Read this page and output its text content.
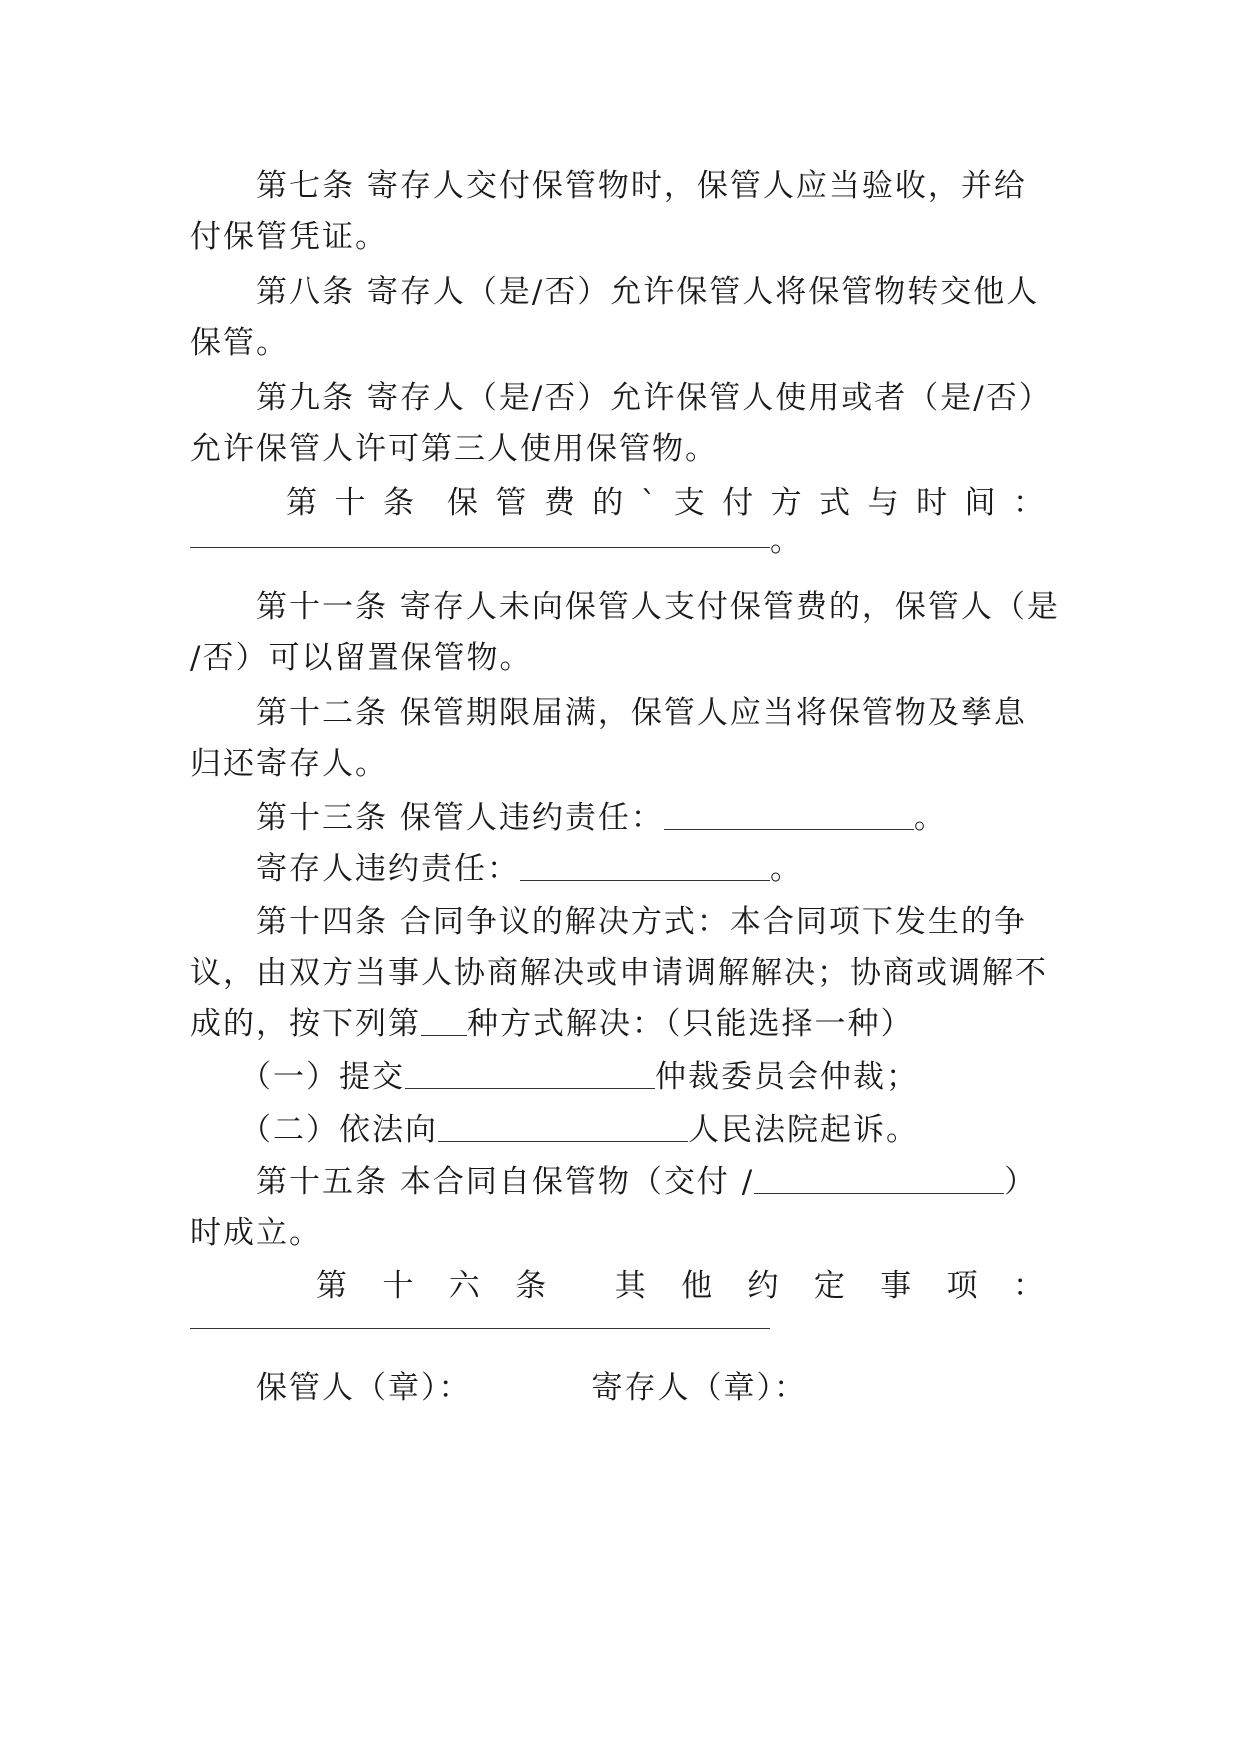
第七条 寄存人交付保管物时，保管人应当验收，并给
付保管凭证。
第八条 寄存人（是/否）允许保管人将保管物转交他人
保管。
第九条 寄存人（是/否）允许保管人使用或者（是/否）
允许保管人许可第三人使用保管物。
第 十 条 保 管 费 的 ` 支 付 方 式 与 时 间 ：
。
第十一条 寄存人未向保管人支付保管费的，保管人（是
/否）可以留置保管物。
第十二条 保管期限届满，保管人应当将保管物及孳息
归还寄存人。
第十三条 保管人违约责任：	。
寄存人违约责任：	。
第十四条 合同争议的解决方式：本合同项下发生的争
议，由双方当事人协商解决或申请调解解决；协商或调解不
成的，按下列第 种方式解决：（只能选择一种）
（一）提交	仲裁委员会仲裁；
（二）依法向	人民法院起诉。
第十五条 本合同自保管物（交付 /	）
时成立。
第 十 六 条 其 他 约 定 事 项 ：
保管人（章）：	寄存人（章）：
